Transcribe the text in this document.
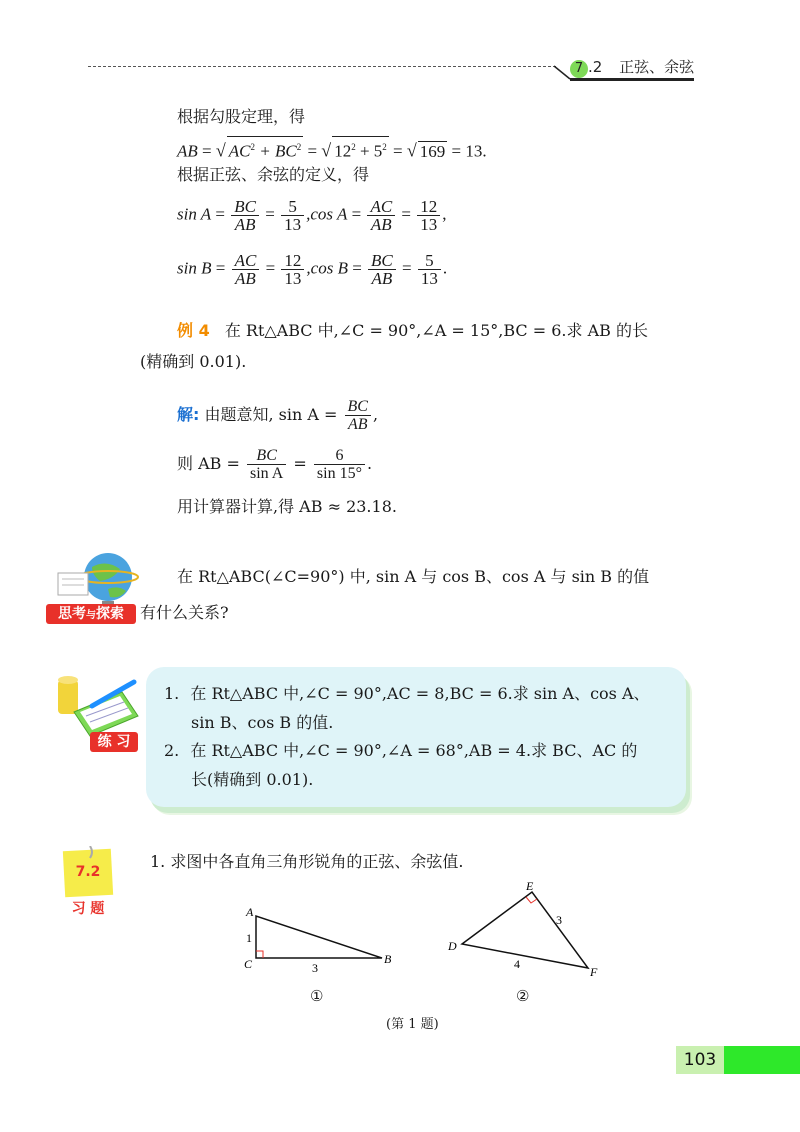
7 .2 正弦、余弦
根据勾股定理，得
AB = √ $AC^2 + BC^2$ = √ $12^2 + 5^2$ = √ 169 = 13.
根据正弦、余弦的定义，得
$\sin A = \frac{BC}{AB} = \frac{5}{13} ,\cos$ $A = \frac{AC}{AB} = \frac{12}{13}$ ,
$\sin B = \frac{AC}{AB} = \frac{12}{13} ,\cos$ $B = \frac{BC}{AB} = \frac{5}{13}$ .
例 4 在 Rt△ABC 中,∠C = 90°,∠A = 15°,BC = 6.求 AB 的长
(精确到 0.01).
解: 由题意知, $\sin A = \frac{BC}{AB}$ ,
则 AB = $\frac{BC}{\text{sin A}} = \frac{6}{\sin 15^\circ}$ .
用计算器计算,得 AB ≈ 23.18.
思考与探索
在 Rt△ABC(∠C=90°) 中, sin A 与 cos B、cos A 与 sin B 的值
有什么关系?
练 习
1. 在 Rt△ABC 中,∠C = 90°,AC = 8,BC = 6.求 sin A、cos A、
sin B、cos B 的值.
2. 在 Rt△ABC 中,∠C = 90°,∠A = 68°,AB = 4.求 BC、AC 的
长(精确到 0.01).
7.2
习 题
1. 求图中各直角三角形锐角的正弦、余弦值.
A
C	B
1
3
①
E
D
F
3
4
②
(第 1 题)
103
